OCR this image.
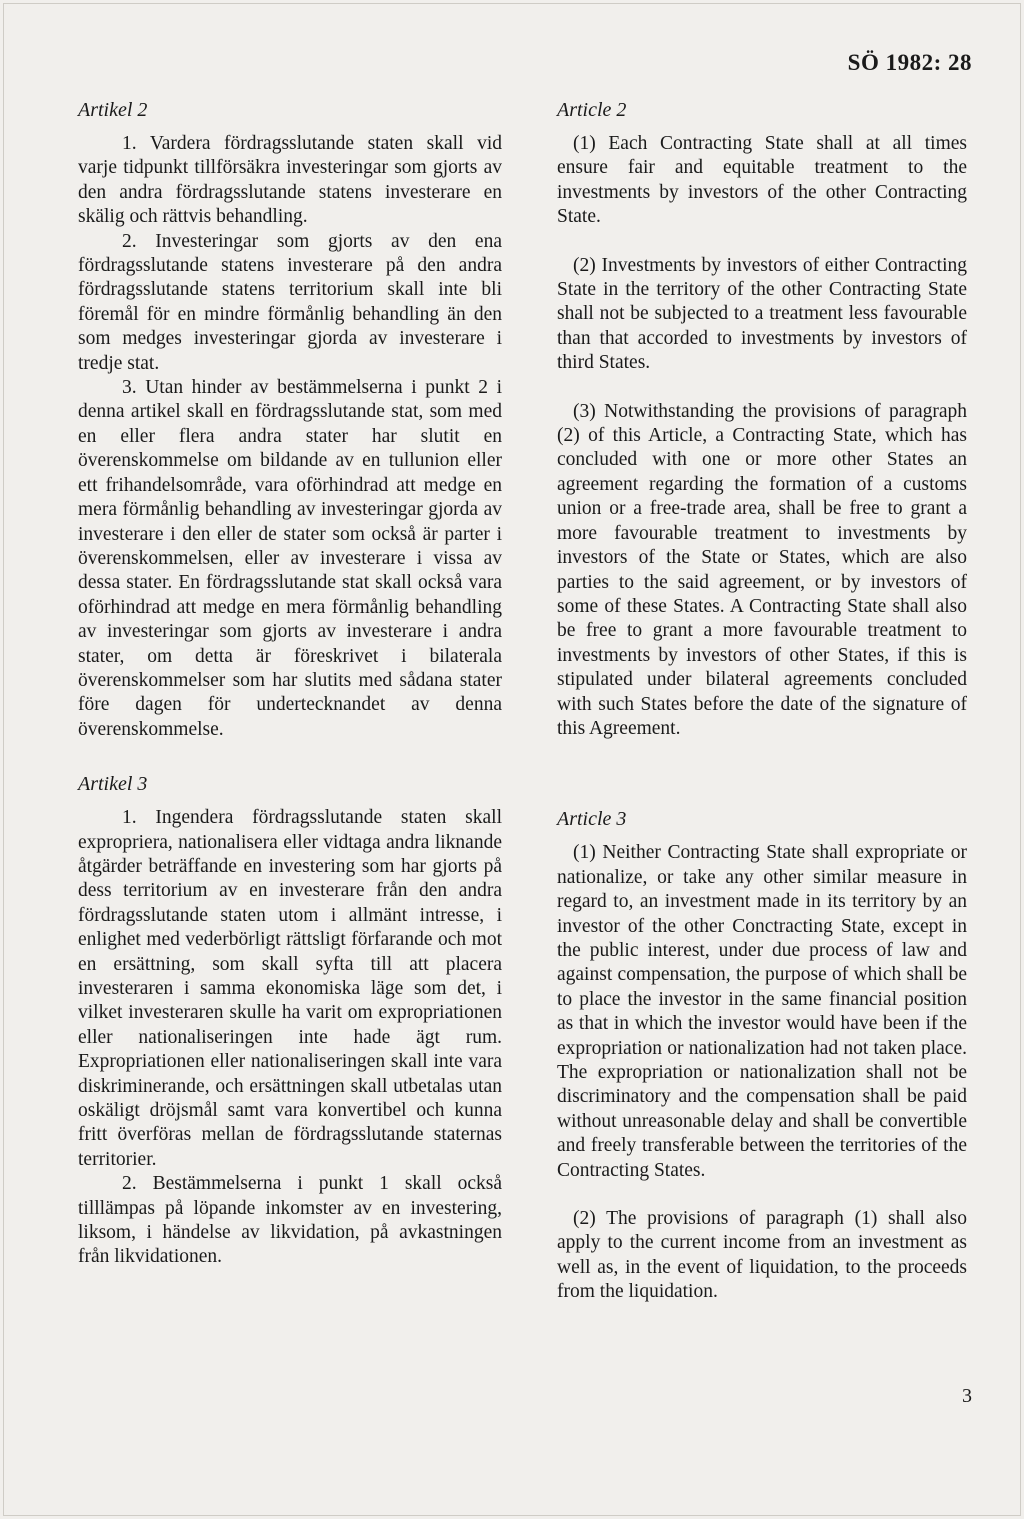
SÖ 1982: 28
Artikel 2

1. Vardera fördragsslutande staten skall vid varje tidpunkt tillförsäkra investeringar som gjorts av den andra fördragsslutande statens investerare en skälig och rättvis behandling.

2. Investeringar som gjorts av den ena fördragsslutande statens investerare på den andra fördragsslutande statens territorium skall inte bli föremål för en mindre förmånlig behandling än den som medges investeringar gjorda av investerare i tredje stat.

3. Utan hinder av bestämmelserna i punkt 2 i denna artikel skall en fördragsslutande stat, som med en eller flera andra stater har slutit en överenskommelse om bildande av en tullunion eller ett frihandelsområde, vara oförhindrad att medge en mera förmånlig behandling av investeringar gjorda av investerare i den eller de stater som också är parter i överenskommelsen, eller av investerare i vissa av dessa stater. En fördragsslutande stat skall också vara oförhindrad att medge en mera förmånlig behandling av investeringar som gjorts av investerare i andra stater, om detta är föreskrivet i bilaterala överenskommelser som har slutits med sådana stater före dagen för undertecknandet av denna överenskommelse.

Artikel 3

1. Ingendera fördragsslutande staten skall expropriera, nationalisera eller vidtaga andra liknande åtgärder beträffande en investering som har gjorts på dess territorium av en investerare från den andra fördragsslutande staten utom i allmänt intresse, i enlighet med vederbörligt rättsligt förfarande och mot en ersättning, som skall syfta till att placera investeraren i samma ekonomiska läge som det, i vilket investeraren skulle ha varit om expropriationen eller nationaliseringen inte hade ägt rum. Expropriationen eller nationaliseringen skall inte vara diskriminerande, och ersättningen skall utbetalas utan oskäligt dröjsmål samt vara konvertibel och kunna fritt överföras mellan de fördragsslutande staternas territorier.

2. Bestämmelserna i punkt 1 skall också tilllämpas på löpande inkomster av en investering, liksom, i händelse av likvidation, på avkastningen från likvidationen.

Article 2

(1) Each Contracting State shall at all times ensure fair and equitable treatment to the investments by investors of the other Contracting State.

(2) Investments by investors of either Contracting State in the territory of the other Contracting State shall not be subjected to a treatment less favourable than that accorded to investments by investors of third States.

(3) Notwithstanding the provisions of paragraph (2) of this Article, a Contracting State, which has concluded with one or more other States an agreement regarding the formation of a customs union or a free-trade area, shall be free to grant a more favourable treatment to investments by investors of the State or States, which are also parties to the said agreement, or by investors of some of these States. A Contracting State shall also be free to grant a more favourable treatment to investments by investors of other States, if this is stipulated under bilateral agreements concluded with such States before the date of the signature of this Agreement.

Article 3

(1) Neither Contracting State shall expropriate or nationalize, or take any other similar measure in regard to, an investment made in its territory by an investor of the other Conctracting State, except in the public interest, under due process of law and against compensation, the purpose of which shall be to place the investor in the same financial position as that in which the investor would have been if the expropriation or nationalization had not taken place. The expropriation or nationalization shall not be discriminatory and the compensation shall be paid without unreasonable delay and shall be convertible and freely transferable between the territories of the Contracting States.

(2) The provisions of paragraph (1) shall also apply to the current income from an investment as well as, in the event of liquidation, to the proceeds from the liquidation.

3
